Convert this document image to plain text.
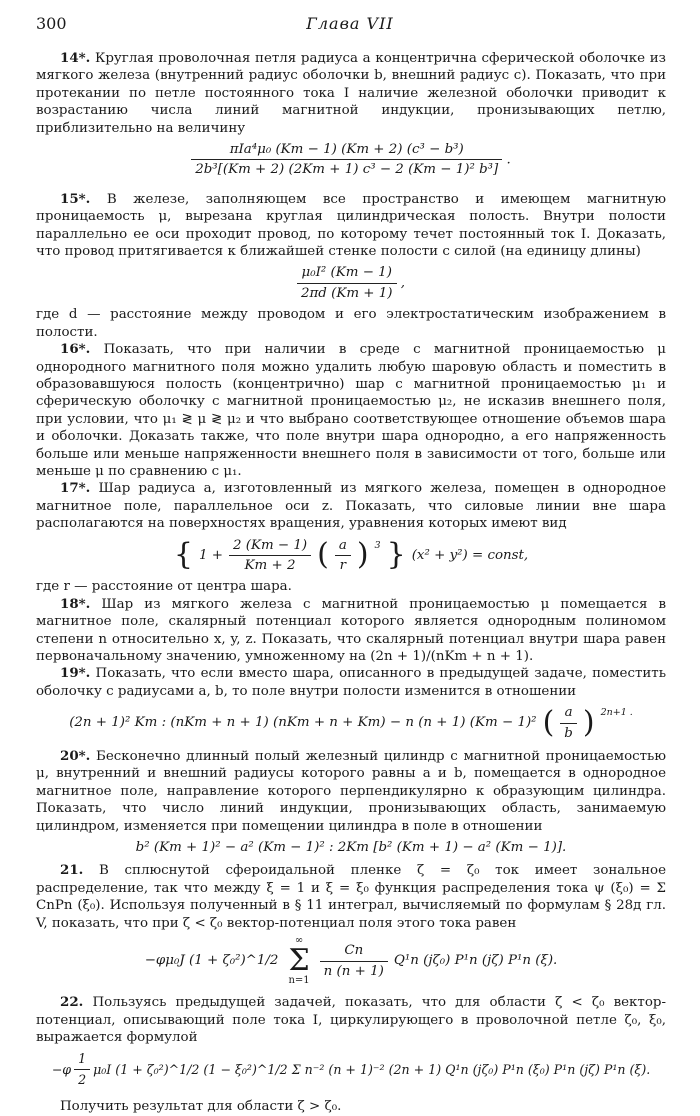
300	Глава VII

14*. Круглая проволочная петля радиуса a концентрична сферической оболочке из мягкого железа (внутренний радиус оболочки b, внешний радиус c). Показать, что при протекании по петле постоянного тока I наличие железной оболочки приводит к возрастанию числа линий магнитной индукции, пронизывающих петлю, приблизительно на величину

$\frac{\text{πIa⁴μ₀ (Km − 1) (Km + 2) (c³ − b³)}}{\text{2b³[(Km + 2) (2Km + 1) c³ − 2 (Km − 1)² b³]}}$ .

15*. В железе, заполняющем все пространство и имеющем магнитную проницаемость μ, вырезана круглая цилиндрическая полость. Внутри полости параллельно ее оси проходит провод, по которому течет постоянный ток I. Доказать, что провод притягивается к ближайшей стенке полости с силой (на единицу длины)

$\frac{\text{μ₀I² (Km − 1)}}{2\pi d (Km + 1)}$ ,

где d — расстояние между проводом и его электростатическим изображением в полости.

16*. Показать, что при наличии в среде с магнитной проницаемостью μ однородного магнитного поля можно удалить любую шаровую область и поместить в образовавшуюся полость (концентрично) шар с магнитной проницаемостью μ₁ и сферическую оболочку с магнитной проницаемостью μ₂, не исказив внешнего поля, при условии, что μ₁ ≷ μ ≷ μ₂ и что выбрано соответствующее отношение объемов шара и оболочки. Доказать также, что поле внутри шара однородно, а его напряженность больше или меньше напряженности внешнего поля в зависимости от того, больше или меньше μ по сравнению с μ₁.

17*. Шар радиуса a, изготовленный из мягкого железа, помещен в однородное магнитное поле, параллельное оси z. Показать, что силовые линии вне шара располагаются на поверхностях вращения, уравнения которых имеют вид

{ $1 + \frac{2 (Km - 1)}{Km + 2}$ ( $\frac{a}{r}$ ) $^3$ } (x² + y²) = const,

где r — расстояние от центра шара.

18*. Шар из мягкого железа с магнитной проницаемостью μ помещается в магнитное поле, скалярный потенциал которого является однородным полиномом степени n относительно x, y, z. Показать, что скалярный потенциал внутри шара равен первоначальному значению, умноженному на (2n + 1)/(nKm + n + 1).

19*. Показать, что если вместо шара, описанного в предыдущей задаче, поместить оболочку с радиусами a, b, то поле внутри полости изменится в отношении

(2n + 1)² Km : (nKm + n + 1) (nKm + n + Km) − n (n + 1) (Km − 1)² ( $\frac{a}{b}$ ) $^{2n+1 .}$

20*. Бесконечно длинный полый железный цилиндр с магнитной проницаемостью μ, внутренний и внешний радиусы которого равны a и b, помещается в однородное магнитное поле, направление которого перпендикулярно к образующим цилиндра. Показать, что число линий индукции, пронизывающих область, занимаемую цилиндром, изменяется при помещении цилиндра в поле в отношении

b² (Km + 1)² − a² (Km − 1)² : 2Km [b² (Km + 1) − a² (Km − 1)].

21. В сплюснутой сфероидальной пленке ζ = ζ₀ ток имеет зональное распределение, так что между ξ = 1 и ξ = ξ₀ функция распределения тока ψ (ξ₀) = Σ CnPn (ξ₀). Используя полученный в § 11 интеграл, вычисляемый по формулам § 28д гл. V, показать, что при ζ < ζ₀ вектор-потенциал поля этого тока равен

−φμ₀J (1 + ζ₀²)^1/2
∞
Σ
n=1
$\frac{Cn}{n (n + 1)} Q^1n$ (jζ₀) P¹n (jζ) P¹n (ξ).

22. Пользуясь предыдущей задачей, показать, что для области ζ < ζ₀ вектор-потенциал, описывающий поле тока I, циркулирующего в проволочной петле ζ₀, ξ₀, выражается формулой

$-\varphi \frac{1}{2} \mu_0I$ (1 + ζ₀²)^1/2 (1 − ξ₀²)^1/2 Σ n⁻² (n + 1)⁻² (2n + 1) Q¹n (jζ₀) P¹n (ξ₀) P¹n (jζ) P¹n (ξ).

Получить результат для области ζ > ζ₀.
